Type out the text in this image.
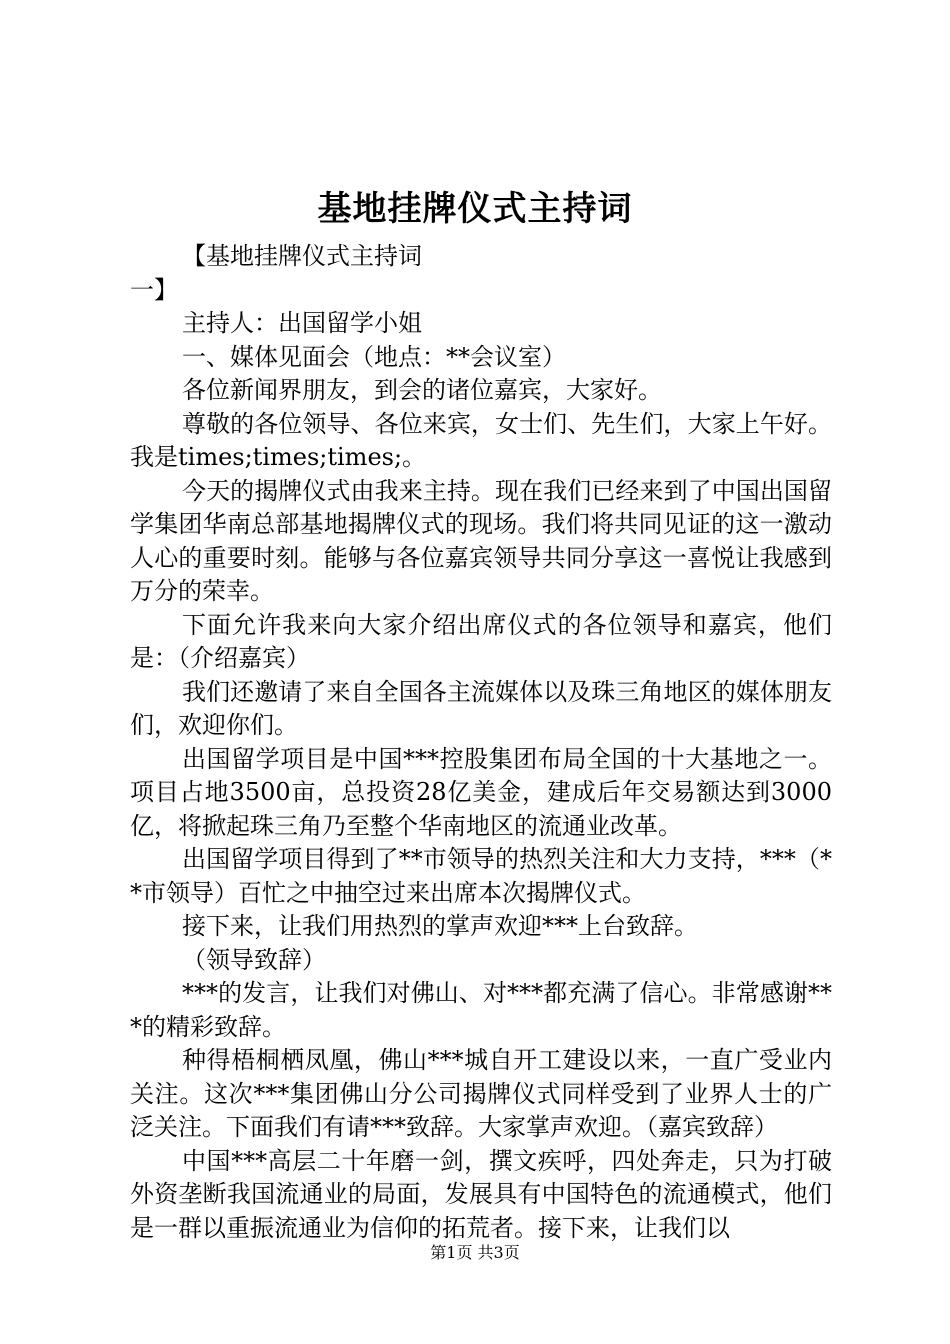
基地挂牌仪式主持词

【基地挂牌仪式主持词一】

主持人：出国留学小姐

一、媒体见面会（地点：**会议室）

各位新闻界朋友，到会的诸位嘉宾，大家好。

尊敬的各位领导、各位来宾，女士们、先生们，大家上午好。我是times;times;times;。

今天的揭牌仪式由我来主持。现在我们已经来到了中国出国留学集团华南总部基地揭牌仪式的现场。我们将共同见证的这一激动人心的重要时刻。能够与各位嘉宾领导共同分享这一喜悦让我感到万分的荣幸。

下面允许我来向大家介绍出席仪式的各位领导和嘉宾，他们是：（介绍嘉宾）

我们还邀请了来自全国各主流媒体以及珠三角地区的媒体朋友们，欢迎你们。

出国留学项目是中国***控股集团布局全国的十大基地之一。项目占地3500亩，总投资28亿美金，建成后年交易额达到3000亿，将掀起珠三角乃至整个华南地区的流通业改革。

出国留学项目得到了**市领导的热烈关注和大力支持，***（**市领导）百忙之中抽空过来出席本次揭牌仪式。

接下来，让我们用热烈的掌声欢迎***上台致辞。

（领导致辞）

***的发言，让我们对佛山、对***都充满了信心。非常感谢***的精彩致辞。

种得梧桐栖凤凰，佛山***城自开工建设以来，一直广受业内关注。这次***集团佛山分公司揭牌仪式同样受到了业界人士的广泛关注。下面我们有请***致辞。大家掌声欢迎。（嘉宾致辞）

中国***高层二十年磨一剑，撰文疾呼，四处奔走，只为打破外资垄断我国流通业的局面，发展具有中国特色的流通模式，他们是一群以重振流通业为信仰的拓荒者。接下来，让我们以

第1页 共3页
